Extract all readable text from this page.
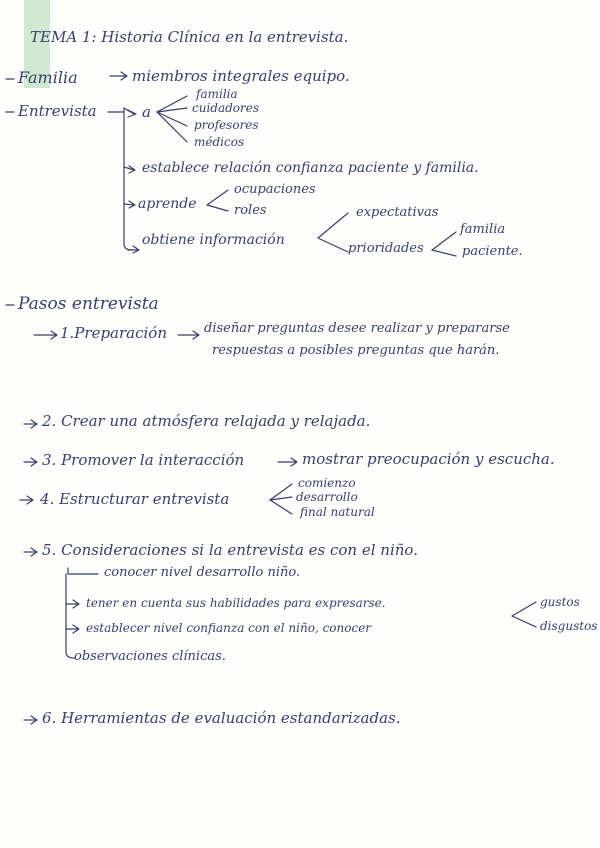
TEMA 1: Historia Clínica en la entrevista.
Familia	miembros integrales equipo.
Entrevista	a
familia
cuidadores
profesores
médicos
establece relación confianza paciente y familia.
aprende
ocupaciones
roles
obtiene información
expectativas
prioridades
familia
paciente.
Pasos entrevista
1.Preparación	diseñar preguntas desee realizar y prepararse
respuestas a posibles preguntas que harán.
2. Crear una atmósfera relajada y relajada.
3. Promover la interacción	mostrar preocupación y escucha.
4. Estructurar entrevista
comienzo
desarrollo
final natural
5. Consideraciones si la entrevista es con el niño.
conocer nivel desarrollo niño.
tener en cuenta sus habilidades para expresarse.
establecer nivel confianza con el niño, conocer
observaciones clínicas.
gustos
disgustos
6. Herramientas de evaluación estandarizadas.
